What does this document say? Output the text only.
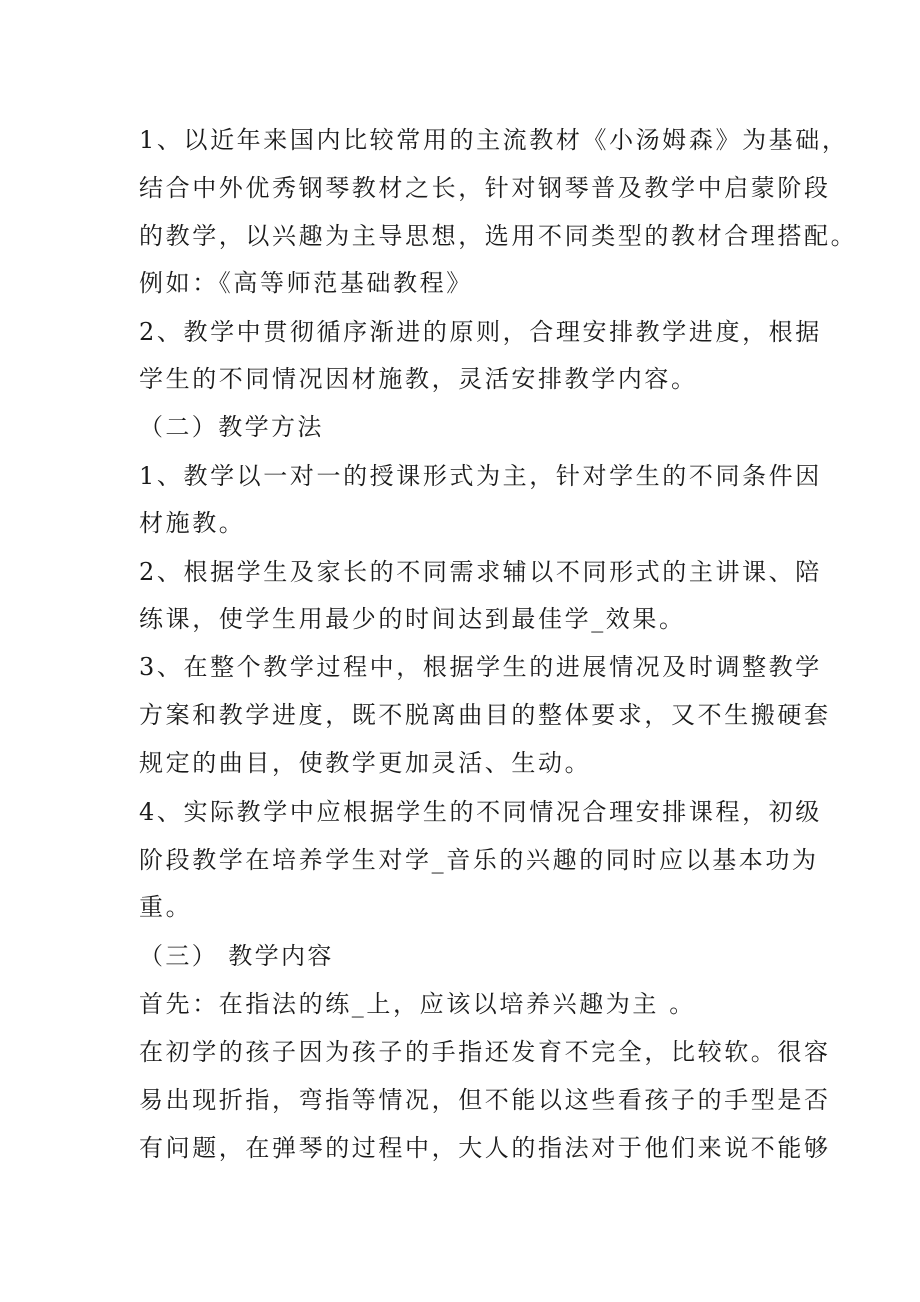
1、以近年来国内比较常用的主流教材《小汤姆森》为基础，
结合中外优秀钢琴教材之长，针对钢琴普及教学中启蒙阶段
的教学，以兴趣为主导思想，选用不同类型的教材合理搭配。
例如：《高等师范基础教程》
2、教学中贯彻循序渐进的原则，合理安排教学进度，根据
学生的不同情况因材施教，灵活安排教学内容。
（二）教学方法
1、教学以一对一的授课形式为主，针对学生的不同条件因
材施教。
2、根据学生及家长的不同需求辅以不同形式的主讲课、陪
练课，使学生用最少的时间达到最佳学_效果。
3、在整个教学过程中，根据学生的进展情况及时调整教学
方案和教学进度，既不脱离曲目的整体要求，又不生搬硬套
规定的曲目，使教学更加灵活、生动。
4、实际教学中应根据学生的不同情况合理安排课程，初级
阶段教学在培养学生对学_音乐的兴趣的同时应以基本功为
重。
（三） 教学内容
首先：在指法的练_上，应该以培养兴趣为主 。
在初学的孩子因为孩子的手指还发育不完全，比较软。很容
易出现折指，弯指等情况，但不能以这些看孩子的手型是否
有问题，在弹琴的过程中，大人的指法对于他们来说不能够
